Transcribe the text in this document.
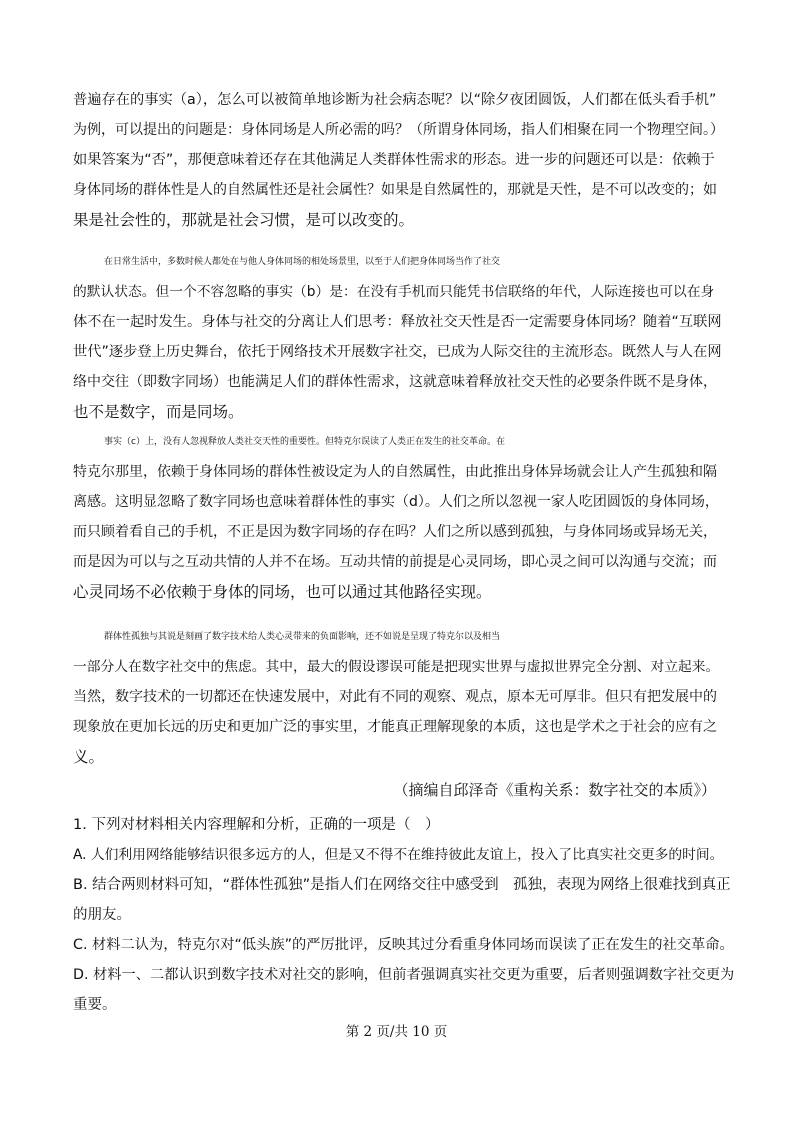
普遍存在的事实（a），怎么可以被简单地诊断为社会病态呢？以“除夕夜团圆饭，人们都在低头看手机”
为例，可以提出的问题是：身体同场是人所必需的吗？（所谓身体同场，指人们相聚在同一个物理空间。）
如果答案为“否”，那便意味着还存在其他满足人类群体性需求的形态。进一步的问题还可以是：依赖于
身体同场的群体性是人的自然属性还是社会属性？如果是自然属性的，那就是天性，是不可以改变的；如
果是社会性的，那就是社会习惯，是可以改变的。
在日常生活中，多数时候人都处在与他人身体同场的相处场景里，以至于人们把身体同场当作了社交
的默认状态。但一个不容忽略的事实（b）是：在没有手机而只能凭书信联络的年代，人际连接也可以在身
体不在一起时发生。身体与社交的分离让人们思考：释放社交天性是否一定需要身体同场？随着“互联网
世代”逐步登上历史舞台，依托于网络技术开展数字社交，已成为人际交往的主流形态。既然人与人在网
络中交往（即数字同场）也能满足人们的群体性需求，这就意味着释放社交天性的必要条件既不是身体，
也不是数字，而是同场。
事实（c）上，没有人忽视释放人类社交天性的重要性。但特克尔误读了人类正在发生的社交革命。在
特克尔那里，依赖于身体同场的群体性被设定为人的自然属性，由此推出身体异场就会让人产生孤独和隔
离感。这明显忽略了数字同场也意味着群体性的事实（d）。人们之所以忽视一家人吃团圆饭的身体同场，
而只顾着看自己的手机，不正是因为数字同场的存在吗？人们之所以感到孤独，与身体同场或异场无关，
而是因为可以与之互动共情的人并不在场。互动共情的前提是心灵同场，即心灵之间可以沟通与交流；而
心灵同场不必依赖于身体的同场，也可以通过其他路径实现。
群体性孤独与其说是刻画了数字技术给人类心灵带来的负面影响，还不如说是呈现了特克尔以及相当
一部分人在数字社交中的焦虑。其中，最大的假设谬误可能是把现实世界与虚拟世界完全分割、对立起来。
当然，数字技术的一切都还在快速发展中，对此有不同的观察、观点，原本无可厚非。但只有把发展中的
现象放在更加长远的历史和更加广泛的事实里，才能真正理解现象的本质，这也是学术之于社会的应有之
义。
（摘编自邱泽奇《重构关系：数字社交的本质》）
1. 下列对材料相关内容理解和分析，正确的一项是（　）
A. 人们利用网络能够结识很多远方的人，但是又不得不在维持彼此友谊上，投入了比真实社交更多的时间。
B. 结合两则材料可知，“群体性孤独”是指人们在网络交往中感受到　孤独，表现为网络上很难找到真正
的朋友。
C. 材料二认为，特克尔对“低头族”的严厉批评，反映其过分看重身体同场而误读了正在发生的社交革命。
D. 材料一、二都认识到数字技术对社交的影响，但前者强调真实社交更为重要，后者则强调数字社交更为
重要。
第 2 页/共 10 页
